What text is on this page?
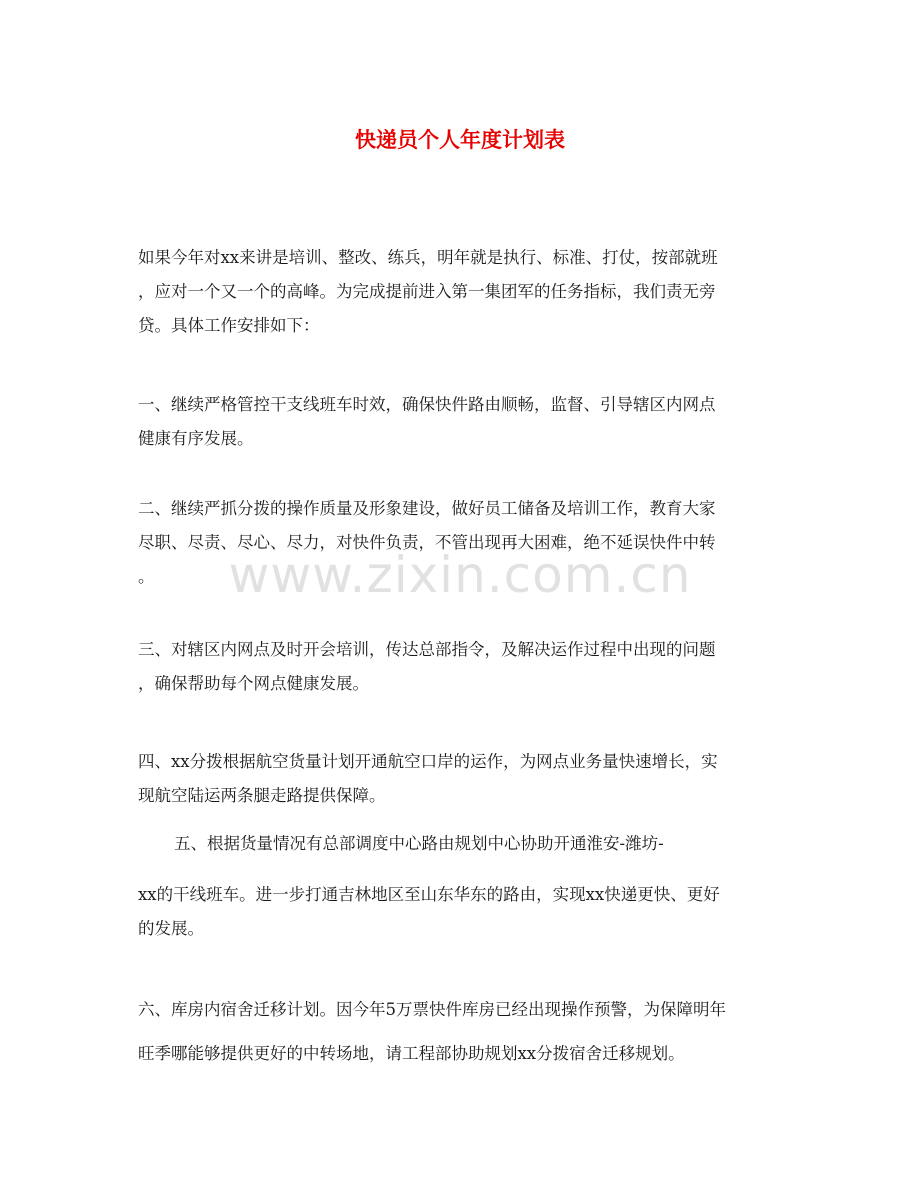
快递员个人年度计划表
www.zixin.com.cn
如果今年对xx来讲是培训、整改、练兵，明年就是执行、标准、打仗，按部就班
，应对一个又一个的高峰。为完成提前进入第一集团军的任务指标，我们责无旁
贷。具体工作安排如下：
一、继续严格管控干支线班车时效，确保快件路由顺畅，监督、引导辖区内网点
健康有序发展。
二、继续严抓分拨的操作质量及形象建设，做好员工储备及培训工作，教育大家
尽职、尽责、尽心、尽力，对快件负责，不管出现再大困难，绝不延误快件中转
。
三、对辖区内网点及时开会培训，传达总部指令，及解决运作过程中出现的问题
，确保帮助每个网点健康发展。
四、xx分拨根据航空货量计划开通航空口岸的运作，为网点业务量快速增长，实
现航空陆运两条腿走路提供保障。
五、根据货量情况有总部调度中心路由规划中心协助开通淮安-潍坊-
xx的干线班车。进一步打通吉林地区至山东华东的路由，实现xx快递更快、更好
的发展。
六、库房内宿舍迁移计划。因今年5万票快件库房已经出现操作预警，为保障明年
旺季哪能够提供更好的中转场地，请工程部协助规划xx分拨宿舍迁移规划。
